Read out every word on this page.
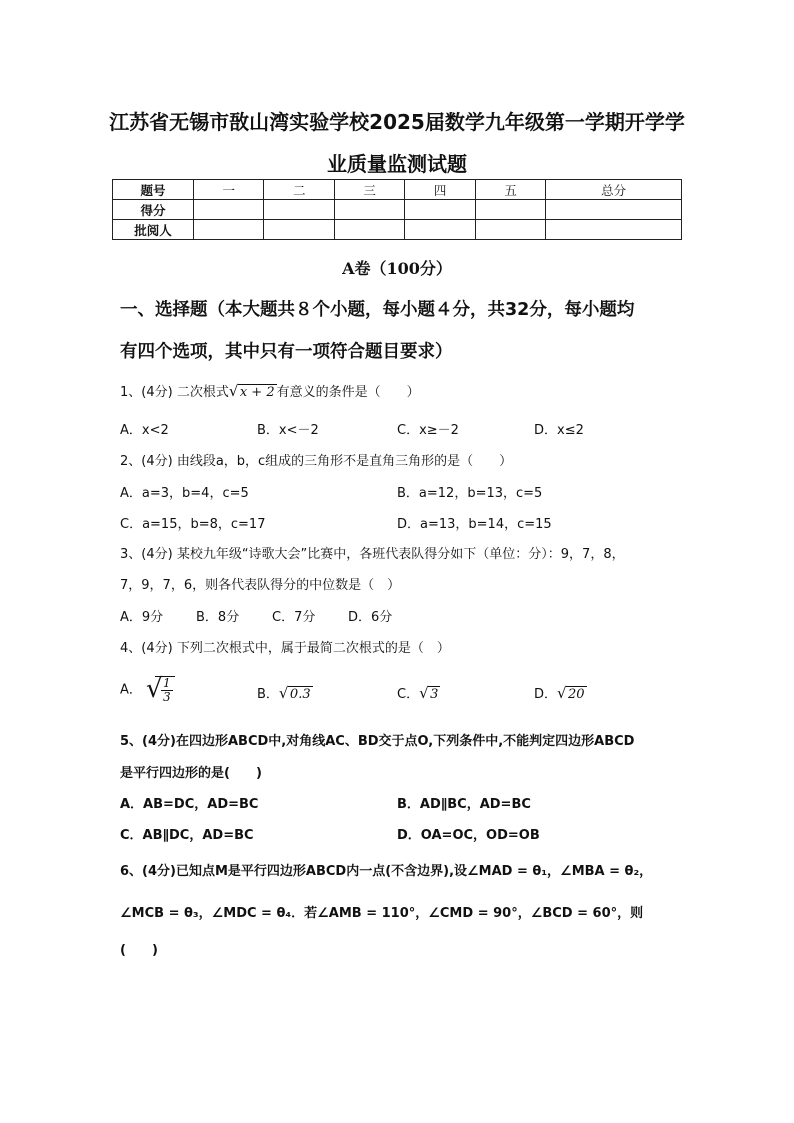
江苏省无锡市敔山湾实验学校2025届数学九年级第一学期开学学
业质量监测试题
题号	一	二	三	四	五	总分
得分						
批阅人						
A卷（100分）
一、选择题（本大题共８个小题，每小题４分，共32分，每小题均
有四个选项，其中只有一项符合题目要求）
1、(4分) 二次根式 √ x + 2 有意义的条件是（　　）
A．x<2	B．x<－2	C．x≥－2	D．x≤2
2、(4分) 由线段a，b，c组成的三角形不是直角三角形的是（　　）
A．a=3，b=4，c=5	B．a=12，b=13，c=5
C．a=15，b=8，c=17	D．a=13，b=14，c=15
3、(4分) 某校九年级“诗歌大会”比赛中，各班代表队得分如下（单位：分）：9，7，8，
7，9，7，6，则各代表队得分的中位数是（　）
A．9分	B．8分	C．7分	D．6分
4、(4分) 下列二次根式中，属于最简二次根式的是（　）
A． √
$\frac{1}{3}$	B． √ 0.3	C． √ 3	D． √ 20
5、(4分)在四边形ABCD中,对角线AC、BD交于点O,下列条件中,不能判定四边形ABCD
是平行四边形的是(　　)
A．AB=DC，AD=BC	B．AD∥BC，AD=BC
C．AB∥DC，AD=BC	D．OA=OC，OD=OB
6、(4分)已知点M是平行四边形ABCD内一点(不含边界),设∠MAD = θ₁，∠MBA = θ₂，
∠MCB = θ₃，∠MDC = θ₄．若∠AMB = 110°，∠CMD = 90°，∠BCD = 60°，则
(　　)
